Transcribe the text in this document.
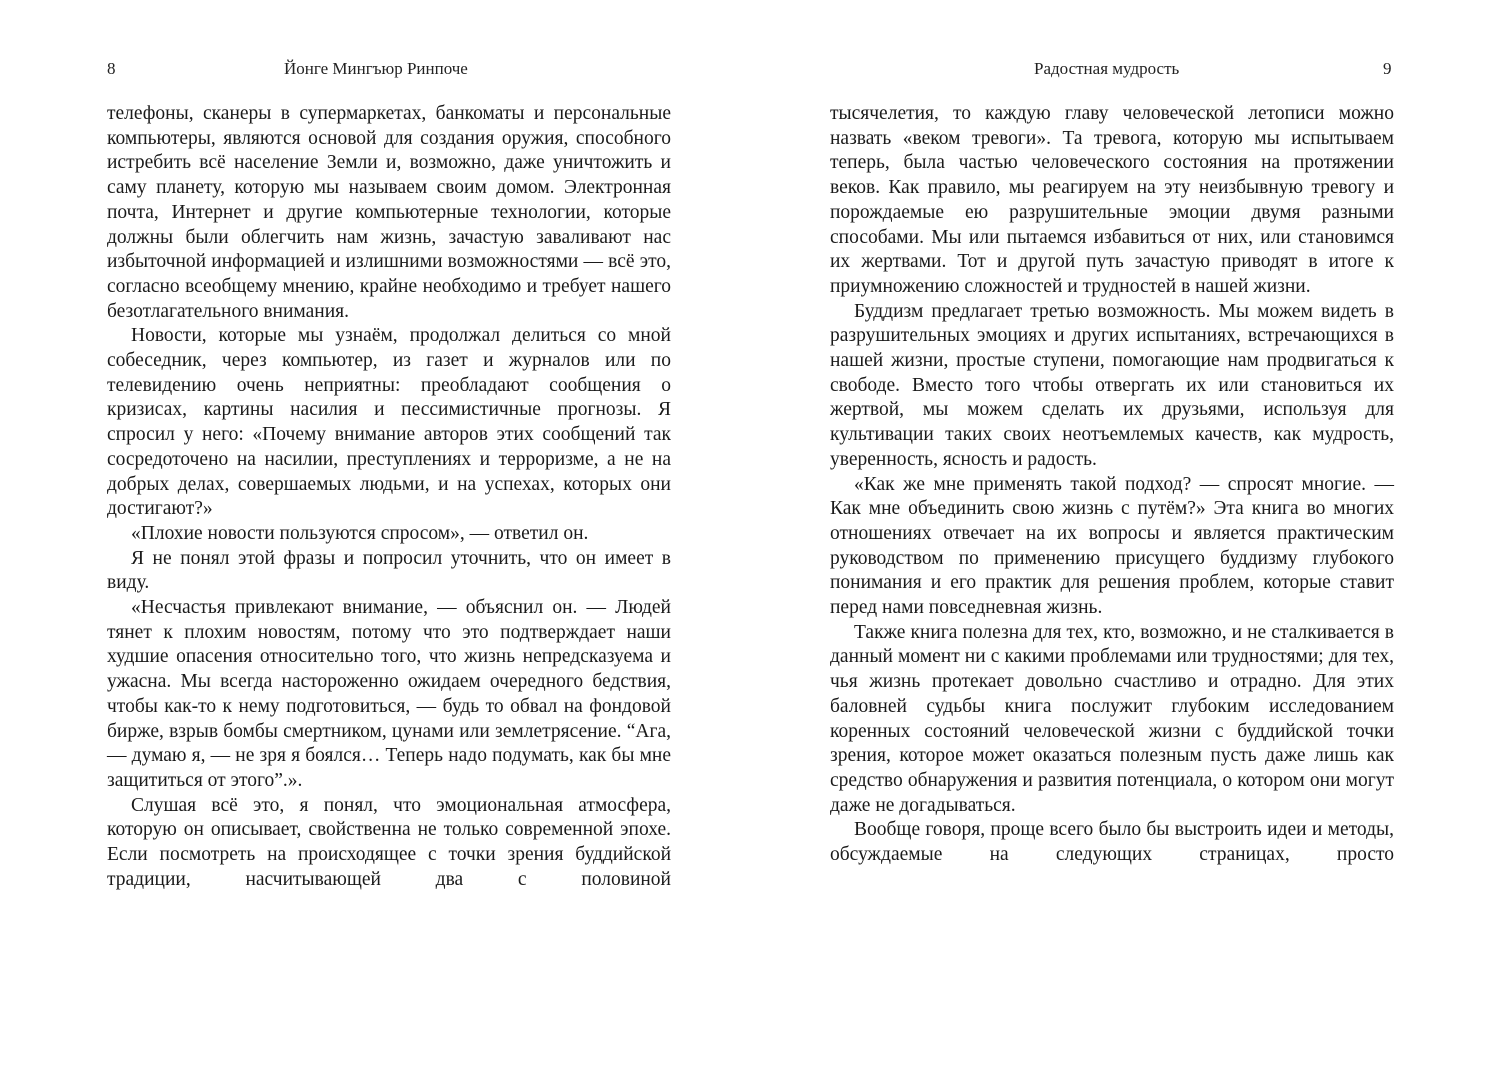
8	Йонге Мингъюр Ринпоче

телефоны, сканеры в супермаркетах, банкоматы и персональные компьютеры, являются основой для создания оружия, способного истребить всё население Земли и, возможно, даже уничтожить и саму планету, которую мы называем своим домом. Электронная почта, Интернет и другие компьютерные технологии, которые должны были облегчить нам жизнь, зачастую заваливают нас избыточной информацией и излишними возможностями — всё это, согласно всеобщему мнению, крайне необходимо и требует нашего безотлагательного внимания.

Новости, которые мы узнаём, продолжал делиться со мной собеседник, через компьютер, из газет и журналов или по телевидению очень неприятны: преобладают сообщения о кризисах, картины насилия и пессимистичные прогнозы. Я спросил у него: «Почему внимание авторов этих сообщений так сосредоточено на насилии, преступлениях и терроризме, а не на добрых делах, совершаемых людьми, и на успехах, которых они достигают?»

«Плохие новости пользуются спросом», — ответил он.

Я не понял этой фразы и попросил уточнить, что он имеет в виду.

«Несчастья привлекают внимание, — объяснил он. — Людей тянет к плохим новостям, потому что это подтверждает наши худшие опасения относительно того, что жизнь непредсказуема и ужасна. Мы всегда настороженно ожидаем очередного бедствия, чтобы как-то к нему подготовиться, — будь то обвал на фондовой бирже, взрыв бомбы смертником, цунами или землетрясение. “Ага, — думаю я, — не зря я боялся… Теперь надо подумать, как бы мне защититься от этого”.».

Слушая всё это, я понял, что эмоциональная атмосфера, которую он описывает, свойственна не только современной эпохе. Если посмотреть на происходящее с точки зрения буддийской традиции, насчитывающей два с половиной

Радостная мудрость	9

тысячелетия, то каждую главу человеческой летописи можно назвать «веком тревоги». Та тревога, которую мы испытываем теперь, была частью человеческого состояния на протяжении веков. Как правило, мы реагируем на эту неизбывную тревогу и порождаемые ею разрушительные эмоции двумя разными способами. Мы или пытаемся избавиться от них, или становимся их жертвами. Тот и другой путь зачастую приводят в итоге к приумножению сложностей и трудностей в нашей жизни.

Буддизм предлагает третью возможность. Мы можем видеть в разрушительных эмоциях и других испытаниях, встречающихся в нашей жизни, простые ступени, помогающие нам продвигаться к свободе. Вместо того чтобы отвергать их или становиться их жертвой, мы можем сделать их друзьями, используя для культивации таких своих неотъемлемых качеств, как мудрость, уверенность, ясность и радость.

«Как же мне применять такой подход? — спросят многие. — Как мне объединить свою жизнь с путём?» Эта книга во многих отношениях отвечает на их вопросы и является практическим руководством по применению присущего буддизму глубокого понимания и его практик для решения проблем, которые ставит перед нами повседневная жизнь.

Также книга полезна для тех, кто, возможно, и не сталкивается в данный момент ни с какими проблемами или трудностями; для тех, чья жизнь протекает довольно счастливо и отрадно. Для этих баловней судьбы книга послужит глубоким исследованием коренных состояний человеческой жизни с буддийской точки зрения, которое может оказаться полезным пусть даже лишь как средство обнаружения и развития потенциала, о котором они могут даже не догадываться.

Вообще говоря, проще всего было бы выстроить идеи и методы, обсуждаемые на следующих страницах, просто
